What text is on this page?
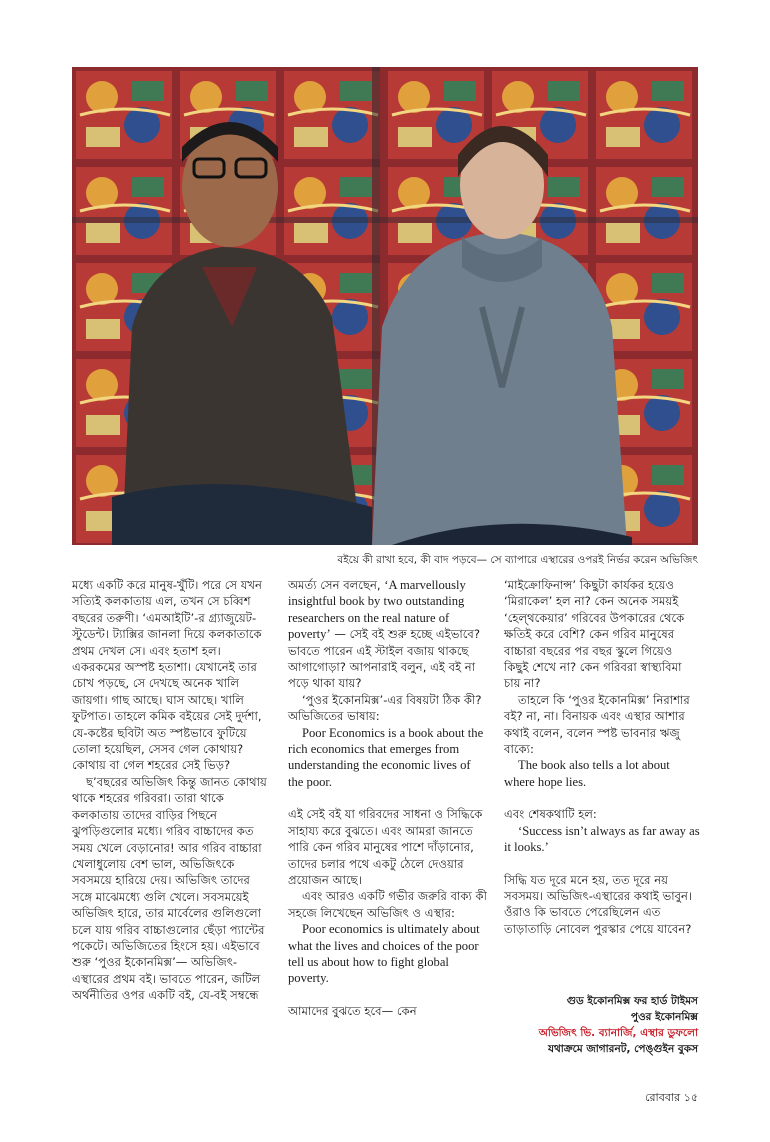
বইয়ে কী রাখা হবে, কী বাদ পড়বে— সে ব্যাপারে এস্থারের ওপরই নির্ভর করেন অভিজিৎ

মধ্যে একটি করে মানুষ-খুঁটি। পরে সে যখন সত্যিই কলকাতায় এল, তখন সে চব্বিশ বছরের তরুণী। ‘এমআইটি’-র গ্র্যাজুয়েট-স্টুডেন্ট। ট্যাক্সির জানলা দিয়ে কলকাতাকে প্রথম দেখল সে। এবং হতাশ হল। একরকমের অস্পষ্ট হতাশা। যেখানেই তার চোখ পড়ছে, সে দেখছে অনেক খালি জায়গা। গাছ আছে। ঘাস আছে। খালি ফুটপাত। তাহলে কমিক বইয়ের সেই দুর্দশা, যে-কষ্টের ছবিটা অত স্পষ্টভাবে ফুটিয়ে তোলা হয়েছিল, সেসব গেল কোথায়? কোথায় বা গেল শহরের সেই ভিড়?

ছ’বছরের অভিজিৎ কিন্তু জানত কোথায় থাকে শহরের গরিবরা। তারা থাকে কলকাতায় তাদের বাড়ির পিছনে ঝুপড়িগুলোর মধ্যে। গরিব বাচ্চাদের কত সময় খেলে বেড়ানোর! আর গরিব বাচ্চারা খেলাধুলোয় বেশ ভাল, অভিজিৎকে সবসময়ে হারিয়ে দেয়। অভিজিৎ তাদের সঙ্গে মাঝেমধ্যে গুলি খেলে। সবসময়েই অভিজিৎ হারে, তার মার্বেলের গুলিগুলো চলে যায় গরিব বাচ্চাগুলোর ছেঁড়া প্যান্টের পকেটে। অভিজিতের হিংসে হয়। এইভাবে শুরু ‘পুওর ইকোনমিক্স’— অভিজিৎ-এস্থারের প্রথম বই। ভাবতে পারেন, জটিল অর্থনীতির ওপর একটি বই, যে-বই সম্বন্ধে

অমর্ত্য সেন বলছেন, ‘A marvellously insightful book by two outstanding researchers on the real nature of poverty’ — সেই বই শুরু হচ্ছে এইভাবে? ভাবতে পারেন এই স্টাইল বজায় থাকছে আগাগোড়া? আপনারাই বলুন, এই বই না পড়ে থাকা যায়?

‘পুওর ইকোনমিক্স’-এর বিষয়টা ঠিক কী? অভিজিতের ভাষায়:

Poor Economics is a book about the rich economics that emerges from understanding the economic lives of the poor.

এই সেই বই যা গরিবদের সাধনা ও সিদ্ধিকে সাহায্য করে বুঝতে। এবং আমরা জানতে পারি কেন গরিব মানুষের পাশে দাঁড়ানোর, তাদের চলার পথে একটু ঠেলে দেওয়ার প্রয়োজন আছে।

এবং আরও একটি গভীর জরুরি বাক্য কী সহজে লিখেছেন অভিজিৎ ও এস্থার:

Poor economics is ultimately about what the lives and choices of the poor tell us about how to fight global poverty.

আমাদের বুঝতে হবে— কেন

‘মাইক্রোফিনান্স’ কিছুটা কার্যকর হয়েও ‘মিরাকেল’ হল না? কেন অনেক সময়ই ‘হেল্থকেয়ার’ গরিবের উপকারের থেকে ক্ষতিই করে বেশি? কেন গরিব মানুষের বাচ্চারা বছরের পর বছর স্কুলে গিয়েও কিছুই শেখে না? কেন গরিবরা স্বাস্থ্যবিমা চায় না?

তাহলে কি ‘পুওর ইকোনমিক্স’ নিরাশার বই? না, না। বিনায়ক এবং এস্থার আশার কথাই বলেন, বলেন স্পষ্ট ভাবনার ঋজু বাক্যে:

The book also tells a lot about where hope lies.

এবং শেষকথাটি হল:

‘Success isn’t always as far away as it looks.’

সিদ্ধি যত দূরে মনে হয়, তত দূরে নয় সবসময়। অভিজিৎ-এস্থারের কথাই ভাবুন। ওঁরাও কি ভাবতে পেরেছিলেন এত তাড়াতাড়ি নোবেল পুরস্কার পেয়ে যাবেন?

গুড ইকোনমিক্স ফর হার্ড টাইমস
পুওর ইকোনমিক্স
অভিজিৎ ভি. ব্যানার্জি, এস্থার ডুফলো
যথাক্রমে জাগারনট, পেঙ্গুইন বুকস
রোববার ১৫
